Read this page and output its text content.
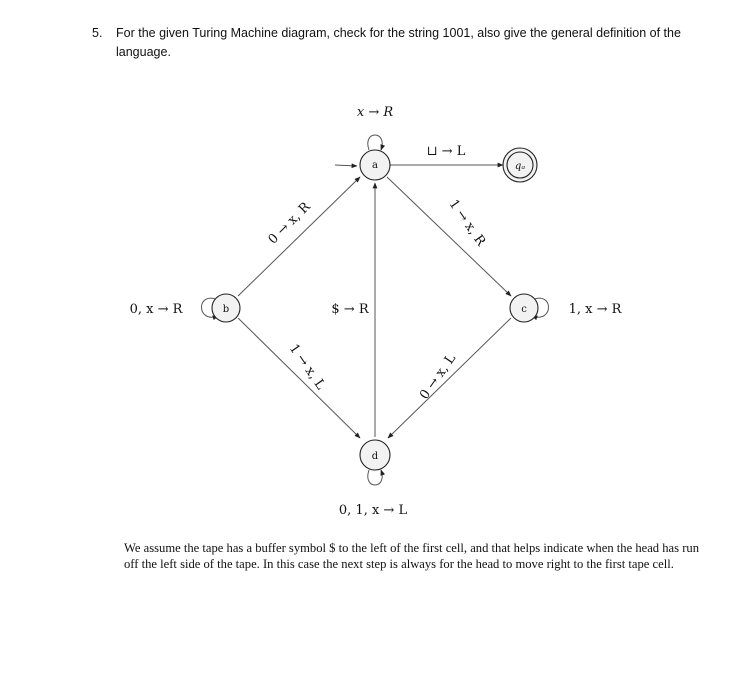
5. For the given Turing Machine diagram, check for the string 1001, also give the general definition of the language.
a
b	c
d
qₐ
x → R
⊔ → L
0 → x, R	1 → x, R
0, x → R	1, x → R
$ → R
1 → x, L	0 → x, L
0, 1, x → L
We assume the tape has a buffer symbol $ to the left of the first cell, and that helps indicate when the head has run off the left side of the tape. In this case the next step is always for the head to move right to the first tape cell.
